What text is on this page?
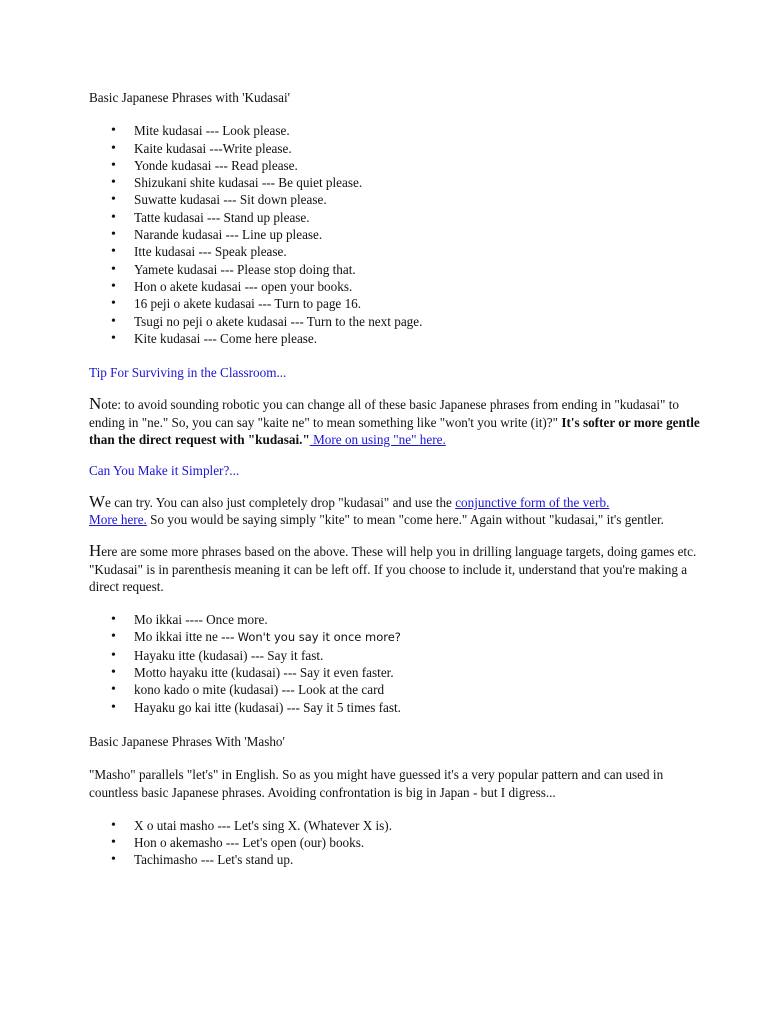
Basic Japanese Phrases with 'Kudasai'

• Mite kudasai --- Look please.
• Kaite kudasai ---Write please.
• Yonde kudasai --- Read please.
• Shizukani shite kudasai --- Be quiet please.
• Suwatte kudasai --- Sit down please.
• Tatte kudasai --- Stand up please.
• Narande kudasai --- Line up please.
• Itte kudasai --- Speak please.
• Yamete kudasai --- Please stop doing that.
• Hon o akete kudasai --- open your books.
• 16 peji o akete kudasai --- Turn to page 16.
• Tsugi no peji o akete kudasai --- Turn to the next page.
• Kite kudasai --- Come here please.

Tip For Surviving in the Classroom...

Note: to avoid sounding robotic you can change all of these basic Japanese phrases from ending in "kudasai" to ending in "ne." So, you can say "kaite ne" to mean something like "won't you write (it)?" It's softer or more gentle than the direct request with "kudasai." More on using "ne" here.

Can You Make it Simpler?...

We can try. You can also just completely drop "kudasai" and use the conjunctive form of the verb.
More here. So you would be saying simply "kite" to mean "come here." Again without "kudasai," it's gentler.

Here are some more phrases based on the above. These will help you in drilling language targets, doing games etc. "Kudasai" is in parenthesis meaning it can be left off. If you choose to include it, understand that you're making a direct request.

• Mo ikkai ---- Once more.
• Mo ikkai itte ne --- Won't you say it once more?
• Hayaku itte (kudasai) --- Say it fast.
• Motto hayaku itte (kudasai) --- Say it even faster.
• kono kado o mite (kudasai) --- Look at the card
• Hayaku go kai itte (kudasai) --- Say it 5 times fast.

Basic Japanese Phrases With 'Masho'

"Masho" parallels "let's" in English. So as you might have guessed it's a very popular pattern and can used in countless basic Japanese phrases. Avoiding confrontation is big in Japan - but I digress...

• X o utai masho --- Let's sing X. (Whatever X is).
• Hon o akemasho --- Let's open (our) books.
• Tachimasho --- Let's stand up.
